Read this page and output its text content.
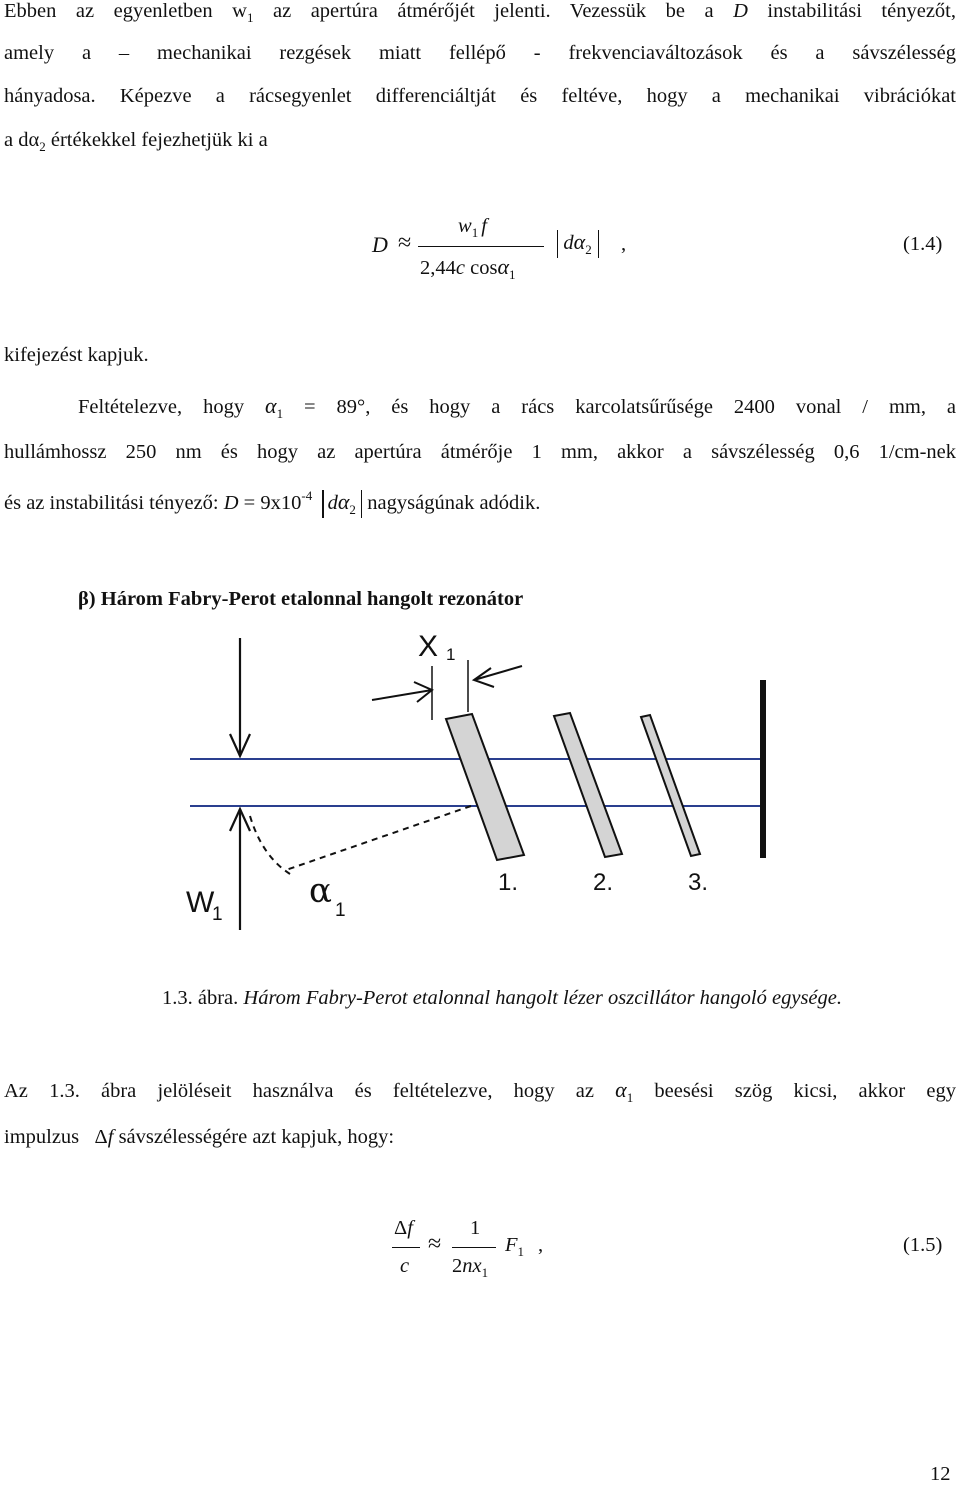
Ebben az egyenletben $w_1$ az apertúra átmérőjét jelenti. Vezessük be a D instabilitási tényezőt,
amely a – mechanikai rezgések miatt fellépő - frekvenciaváltozások és a sávszélesség
hányadosa. Képezve a rácsegyenlet differenciáltját és feltéve, hogy a mechanikai vibrációkat
a $d\alpha_2$ értékekkel fejezhetjük ki a
D ≈
$w_1$ f
2,44c cosα$_1$
$d\alpha_2$	,	(1.4)
kifejezést kapjuk.
Feltételezve, hogy $\alpha_1 = 89^\circ$, és hogy a rács karcolatsűrűsége 2400 vonal / mm, a
hullámhossz 250 nm és hogy az apertúra átmérője 1 mm, akkor a sávszélesség 0,6 1/cm-nek
és az instabilitási tényező: $D = 9x10^{-4}$ $d\alpha_2$ nagyságúnak adódik.
β) Három Fabry-Perot etalonnal hangolt rezonátor
X 1
W
1
α 1
1.	2.	3.
1.3. ábra. Három Fabry-Perot etalonnal hangolt lézer oszcillátor hangoló egysége.
Az 1.3. ábra jelöléseit használva és feltételezve, hogy az $\alpha_1$ beesési szög kicsi, akkor egy
impulzus Δf sávszélességére azt kapjuk, hogy:
Δf
c
≈
1
$2nx_1$
$F_1$ ,	(1.5)
12
